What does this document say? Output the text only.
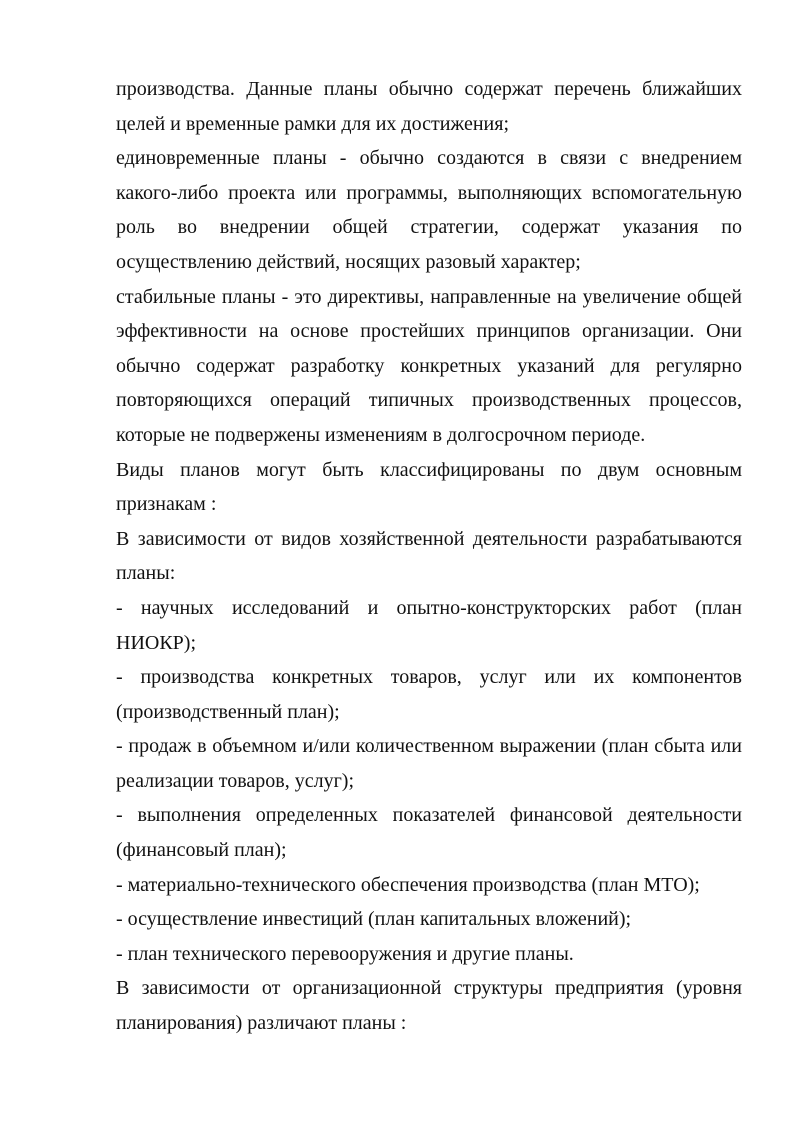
производства. Данные планы обычно содержат перечень ближайших целей и временные рамки для их достижения;

единовременные планы - обычно создаются в связи с внедрением какого-либо проекта или программы, выполняющих вспомогательную роль во внедрении общей стратегии, содержат указания по осуществлению действий, носящих разовый характер;

стабильные планы - это директивы, направленные на увеличение общей эффективности на основе простейших принципов организации. Они обычно содержат разработку конкретных указаний для регулярно повторяющихся операций типичных производственных процессов, которые не подвержены изменениям в долгосрочном периоде.

Виды планов могут быть классифицированы по двум основным признакам :

В зависимости от видов хозяйственной деятельности разрабатываются планы:

- научных исследований и опытно-конструкторских работ (план НИОКР);

- производства конкретных товаров, услуг или их компонентов (производственный план);

- продаж в объемном и/или количественном выражении (план сбыта или реализации товаров, услуг);

- выполнения определенных показателей финансовой деятельности (финансовый план);

- материально-технического обеспечения производства (план МТО);

- осуществление инвестиций (план капитальных вложений);

- план технического перевооружения и другие планы.

В зависимости от организационной структуры предприятия (уровня планирования) различают планы :
